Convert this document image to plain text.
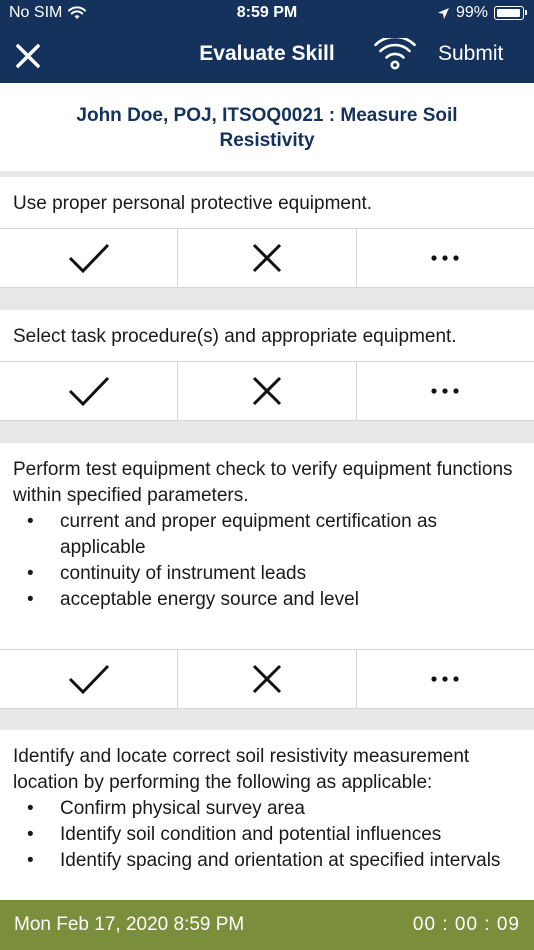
No SIM	8:59 PM	99%
Evaluate Skill	Submit
John Doe, POJ, ITSOQ0021 : Measure Soil Resistivity
Use proper personal protective equipment.
Select task procedure(s) and appropriate equipment.
Perform test equipment check to verify equipment functions within specified parameters.
• current and proper equipment certification as applicable
• continuity of instrument leads
• acceptable energy source and level
Identify and locate correct soil resistivity measurement location by performing the following as applicable:
• Confirm physical survey area
• Identify soil condition and potential influences
• Identify spacing and orientation at specified intervals
Mon Feb 17, 2020 8:59 PM	00 : 00 : 09
